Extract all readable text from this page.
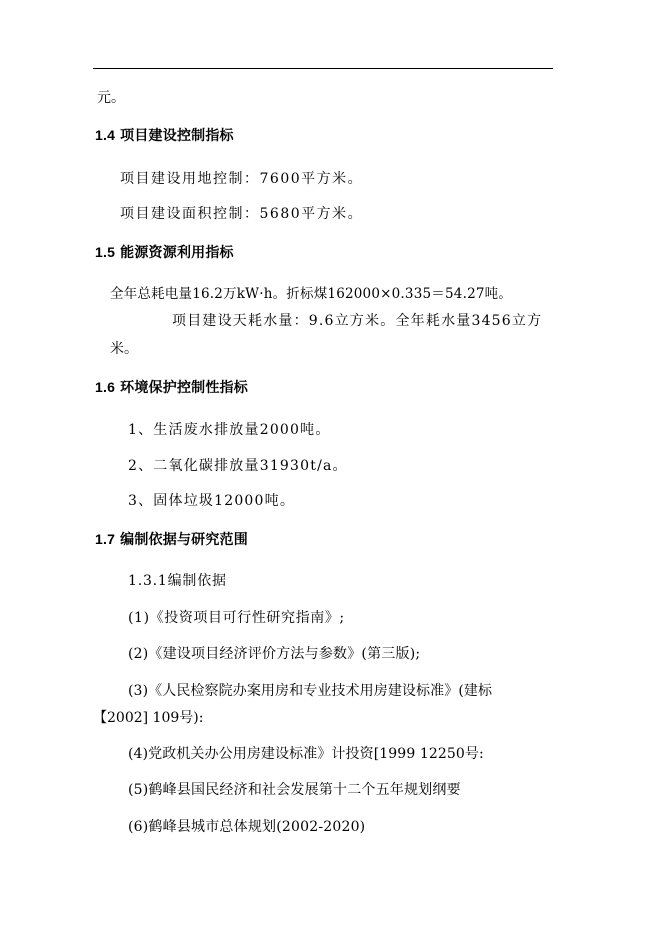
元。
1.4 项目建设控制指标
项目建设用地控制：7600平方米。
项目建设面积控制：5680平方米。
1.5 能源资源利用指标
全年总耗电量16.2万kW·h。折标煤162000×0.335＝54.27吨。
项目建设天耗水量：9.6立方米。全年耗水量3456立方
米。
1.6 环境保护控制性指标
1、生活废水排放量2000吨。
2、二氧化碳排放量31930t/a。
3、固体垃圾12000吨。
1.7 编制依据与研究范围
1.3.1编制依据
(1)《投资项目可行性研究指南》;
(2)《建设项目经济评价方法与参数》(第三版);
(3)《人民检察院办案用房和专业技术用房建设标准》(建标
【2002] 109号):
(4)党政机关办公用房建设标准》计投资[1999 12250号:
(5)鹤峰县国民经济和社会发展第十二个五年规划纲要
(6)鹤峰县城市总体规划(2002-2020)
